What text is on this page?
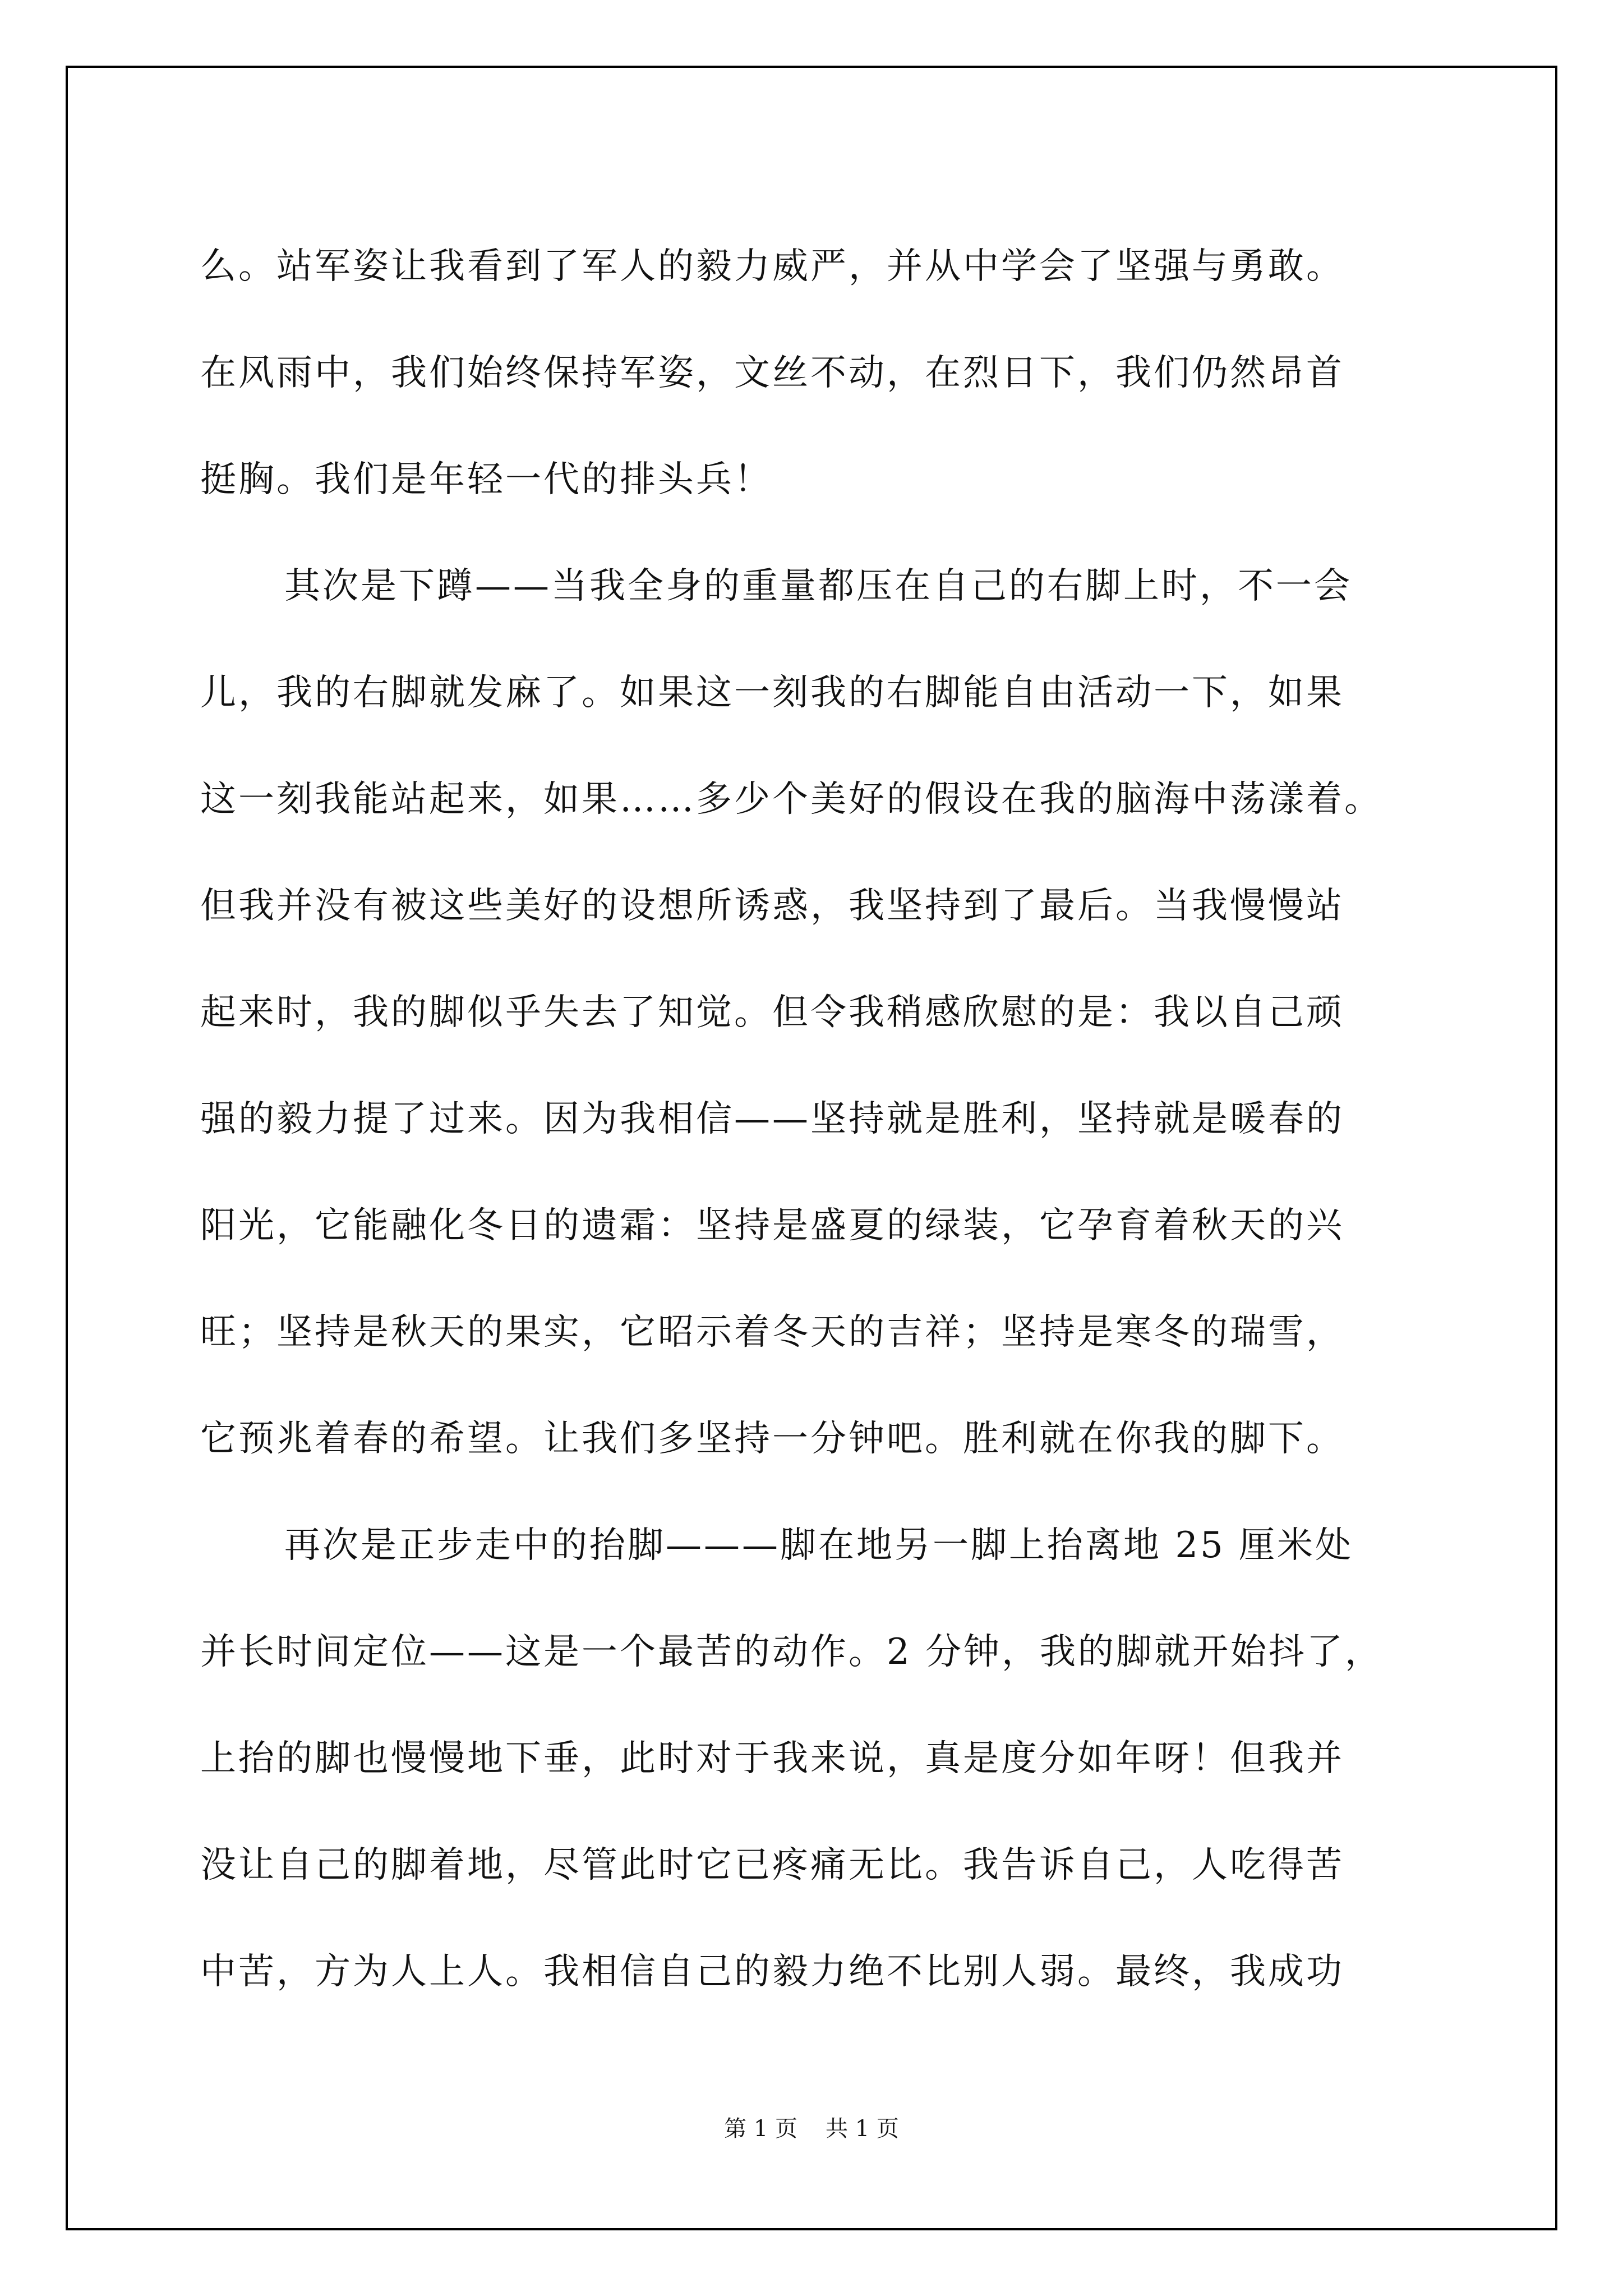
么。站军姿让我看到了军人的毅力威严，并从中学会了坚强与勇敢。
在风雨中，我们始终保持军姿，文丝不动，在烈日下，我们仍然昂首
挺胸。我们是年轻一代的排头兵！
其次是下蹲——当我全身的重量都压在自己的右脚上时，不一会
儿，我的右脚就发麻了。如果这一刻我的右脚能自由活动一下，如果
这一刻我能站起来，如果……多少个美好的假设在我的脑海中荡漾着。
但我并没有被这些美好的设想所诱惑，我坚持到了最后。当我慢慢站
起来时，我的脚似乎失去了知觉。但令我稍感欣慰的是：我以自己顽
强的毅力提了过来。因为我相信——坚持就是胜利，坚持就是暖春的
阳光，它能融化冬日的遗霜：坚持是盛夏的绿装，它孕育着秋天的兴
旺；坚持是秋天的果实，它昭示着冬天的吉祥；坚持是寒冬的瑞雪，
它预兆着春的希望。让我们多坚持一分钟吧。胜利就在你我的脚下。
再次是正步走中的抬脚———脚在地另一脚上抬离地 25 厘米处
并长时间定位——这是一个最苦的动作。2 分钟，我的脚就开始抖了，
上抬的脚也慢慢地下垂，此时对于我来说，真是度分如年呀！但我并
没让自己的脚着地，尽管此时它已疼痛无比。我告诉自己，人吃得苦
中苦，方为人上人。我相信自己的毅力绝不比别人弱。最终，我成功
第 1 页 共 1 页
